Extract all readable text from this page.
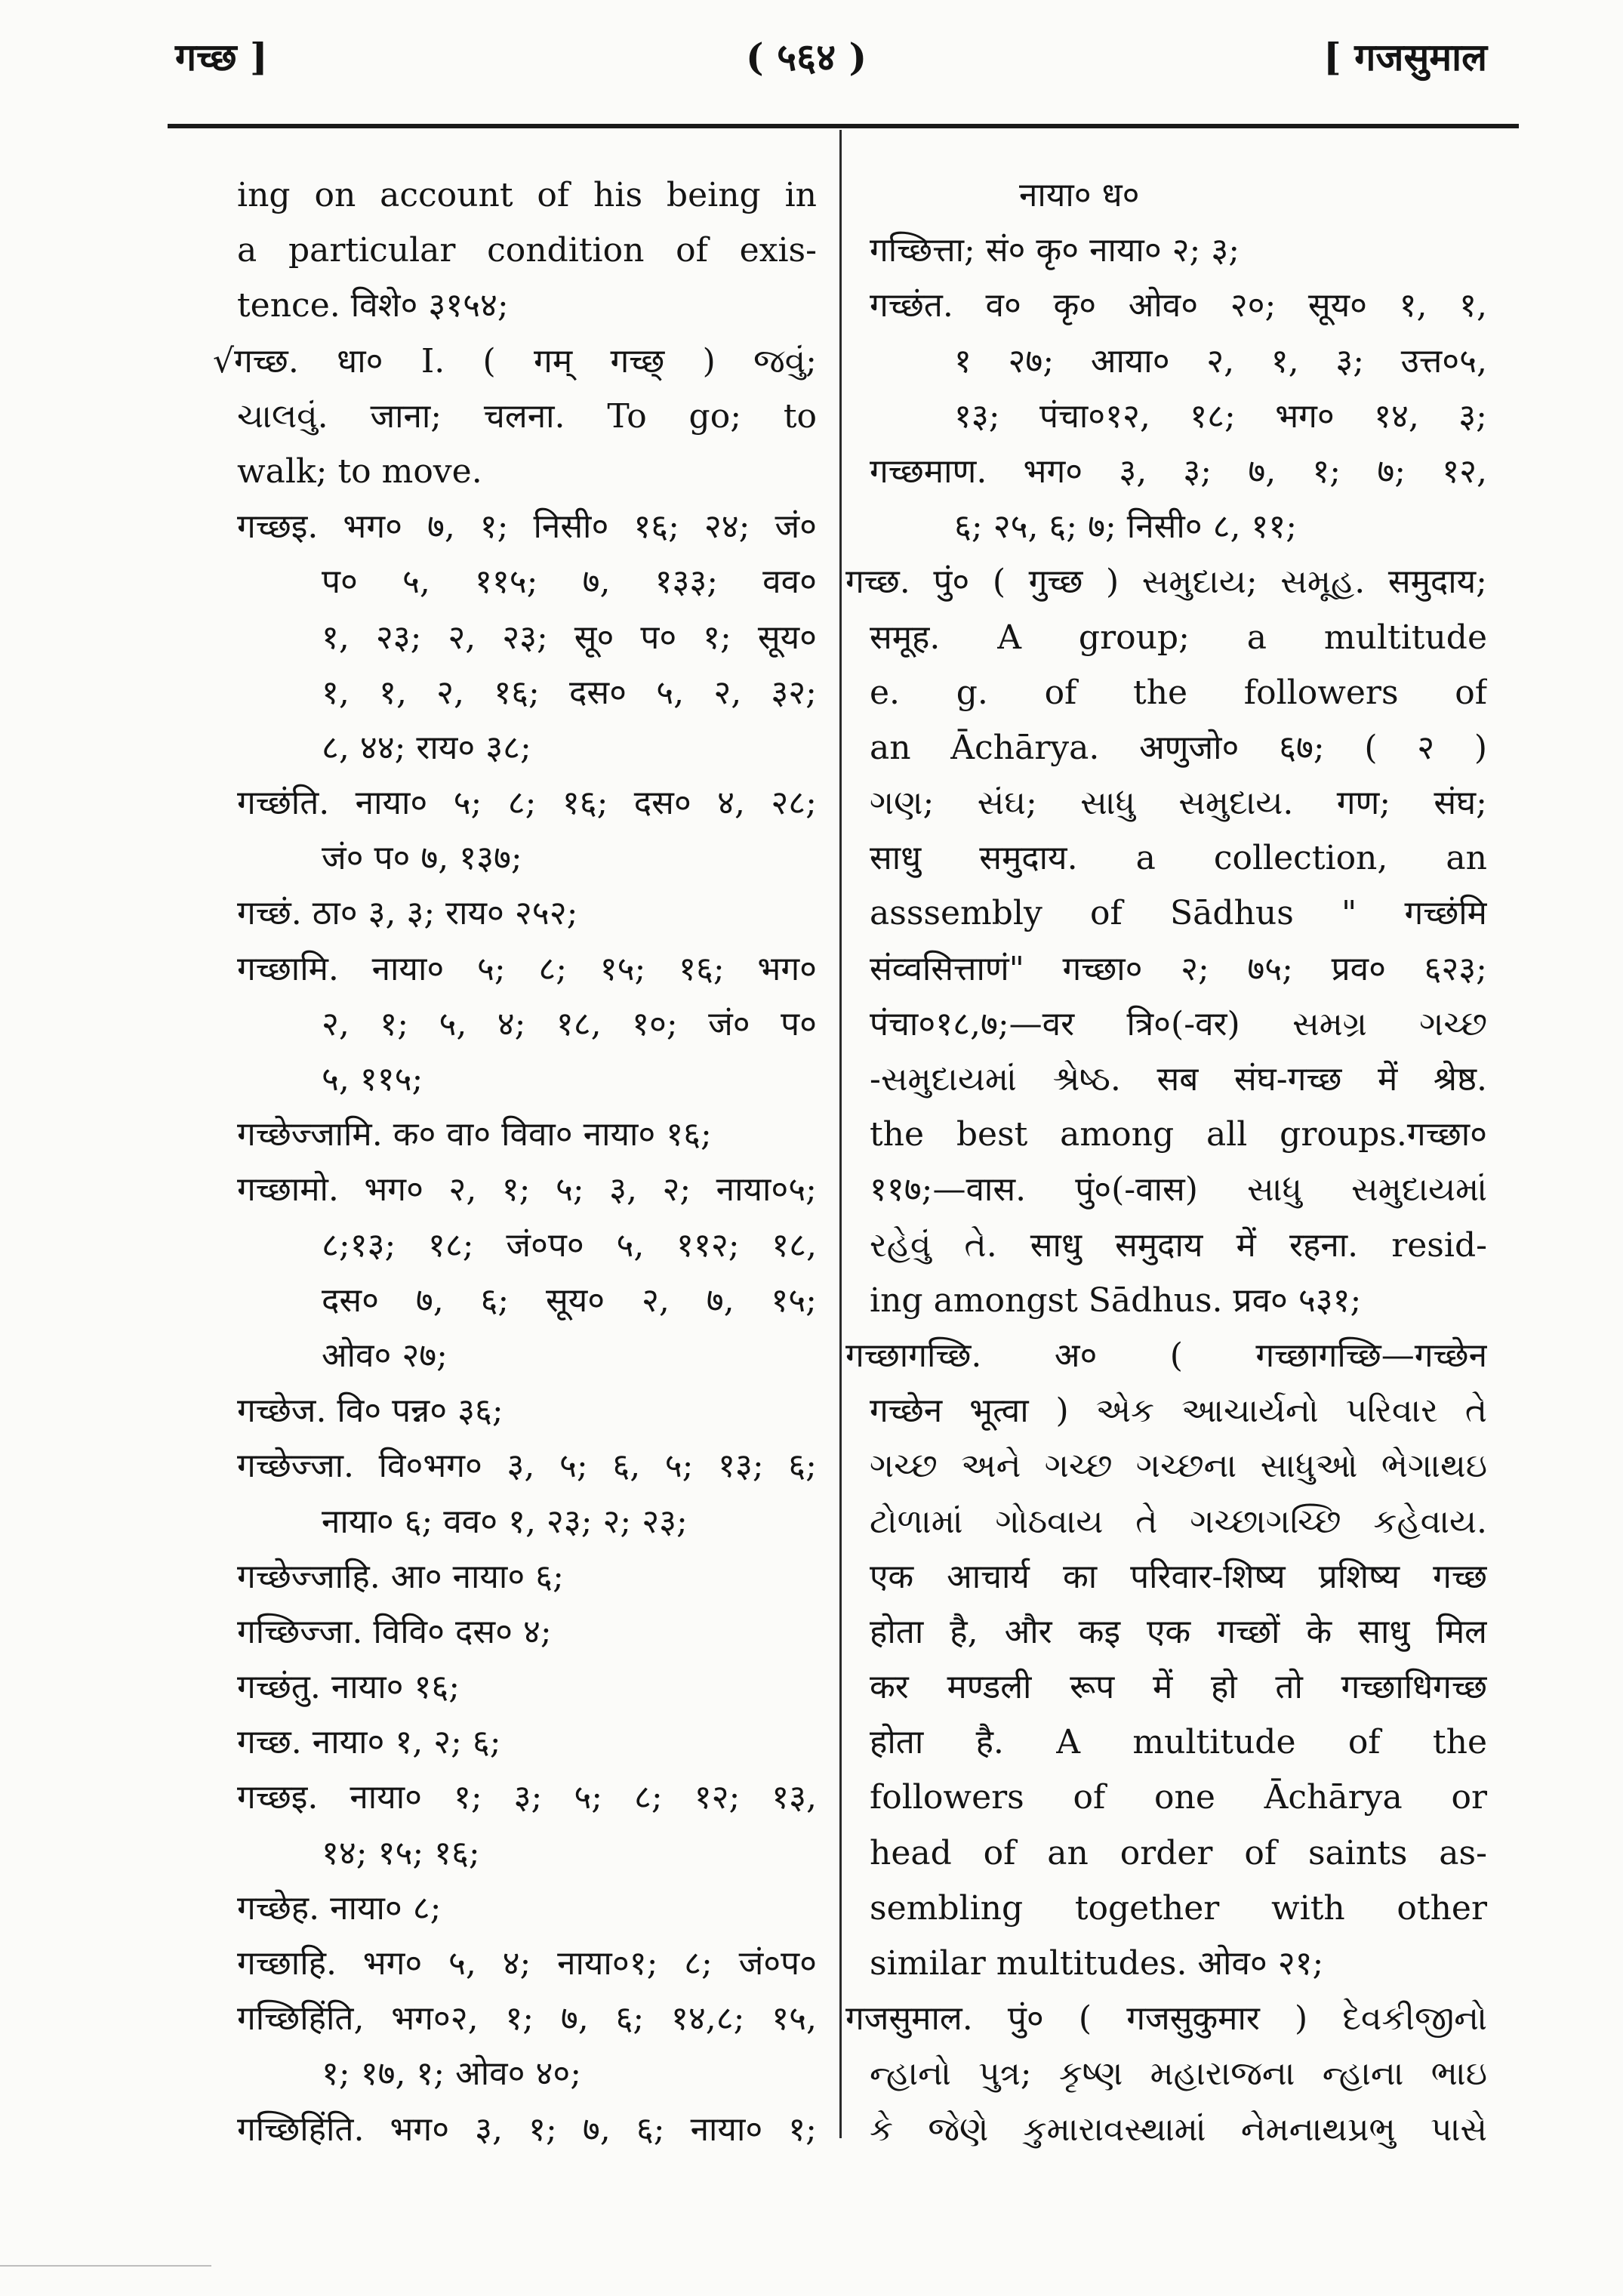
गच्छ ]	( ५६४ )	[ गजसुमाल
ing on account of his being in
a particular condition of exis-
tence. विशे० ३१५४;
√गच्छ. धा० I. ( गम् गच्छ् ) જવું;
ચાલવું. जाना; चलना. To go; to
walk; to move.
गच्छइ. भग० ७, १; निसी० १६; २४; जं०
प० ५, ११५; ७, १३३; वव०
१, २३; २, २३; सू० प० १; सूय०
१, १, २, १६; दस० ५, २, ३२;
८, ४४; राय० ३८;
गच्छंति. नाया० ५; ८; १६; दस० ४, २८;
जं० प० ७, १३७;
गच्छं. ठा० ३, ३; राय० २५२;
गच्छामि. नाया० ५; ८; १५; १६; भग०
२, १; ५, ४; १८, १०; जं० प०
५, ११५;
गच्छेज्जामि. क० वा० विवा० नाया० १६;
गच्छामो. भग० २, १; ५; ३, २; नाया०५;
८;१३; १८; जं०प० ५, ११२; १८,
दस० ७, ६; सूय० २, ७, १५;
ओव० २७;
गच्छेज. वि० पन्न० ३६;
गच्छेज्जा. वि०भग० ३, ५; ६, ५; १३; ६;
नाया० ६; वव० १, २३; २; २३;
गच्छेज्जाहि. आ० नाया० ६;
गच्छिज्जा. विवि० दस० ४;
गच्छंतु. नाया० १६;
गच्छ. नाया० १, २; ६;
गच्छइ. नाया० १; ३; ५; ८; १२; १३,
१४; १५; १६;
गच्छेह. नाया० ८;
गच्छाहि. भग० ५, ४; नाया०१; ८; जं०प०
गच्छिहिंति, भग०२, १; ७, ६; १४,८; १५,
१; १७, १; ओव० ४०;
गच्छिहिंति. भग० ३, १; ७, ६; नाया० १;
नाया० ध०
गच्छित्ता; सं० कृ० नाया० २; ३;
गच्छंत. व० कृ० ओव० २०; सूय० १, १,
१ २७; आया० २, १, ३; उत्त०५,
१३; पंचा०१२, १८; भग० १४, ३;
गच्छमाण. भग० ३, ३; ७, १; ७; १२,
६; २५, ६; ७; निसी० ८, ११;
गच्छ. पुं० ( गुच्छ ) સમુદાય; સમૂહ. समुदाय;
समूह. A group; a multitude
e. g. of the followers of
an Āchārya. अणुजो० ६७; ( २ )
ગણ; સંઘ; સાધુ સમુદાય. गण; संघ;
साधु समुदाय. a collection, an
asssembly of Sādhus " गच्छंमि
संव्वसित्ताणं" गच्छा० २; ७५; प्रव० ६२३;
पंचा०१८,७;—वर त्रि०(-वर) સમગ્ર ગચ્છ
-સમુદાયમાં શ્રેષ્ઠ. सब संघ-गच्छ में श्रेष्ठ.
the best among all groups.गच्छा०
११७;—वास. पुं०(-वास) સાધુ સમુદાયમાં
રહેવું તે. साधु समुदाय में रहना. resid-
ing amongst Sādhus. प्रव० ५३१;
गच्छागच्छि. अ० ( गच्छागच्छि—गच्छेन
गच्छेन भूत्वा ) એક આચાર્યનો પરિવાર તે
ગચ્છ અને ગચ્છ ગચ્છના સાધુઓ ભેગાથઇ
ટોળામાં ગોઠવાય તે ગચ્છાગચ્છિ કહેવાય.
एक आचार्य का परिवार-शिष्य प्रशिष्य गच्छ
होता है, और कइ एक गच्छों के साधु मिल
कर मण्डली रूप में हो तो गच्छाधिगच्छ
होता है. A multitude of the
followers of one Āchārya or
head of an order of saints as-
sembling together with other
similar multitudes. ओव० २१;
गजसुमाल. पुं० ( गजसुकुमार ) દેવકીજીનો
ન્હાનો પુત્ર; કૃષ્ણ મહારાજના ન્હાના ભાઇ
કે જેણે કુમારાવસ્થામાં નેમનાથપ્રભુ પાસે
